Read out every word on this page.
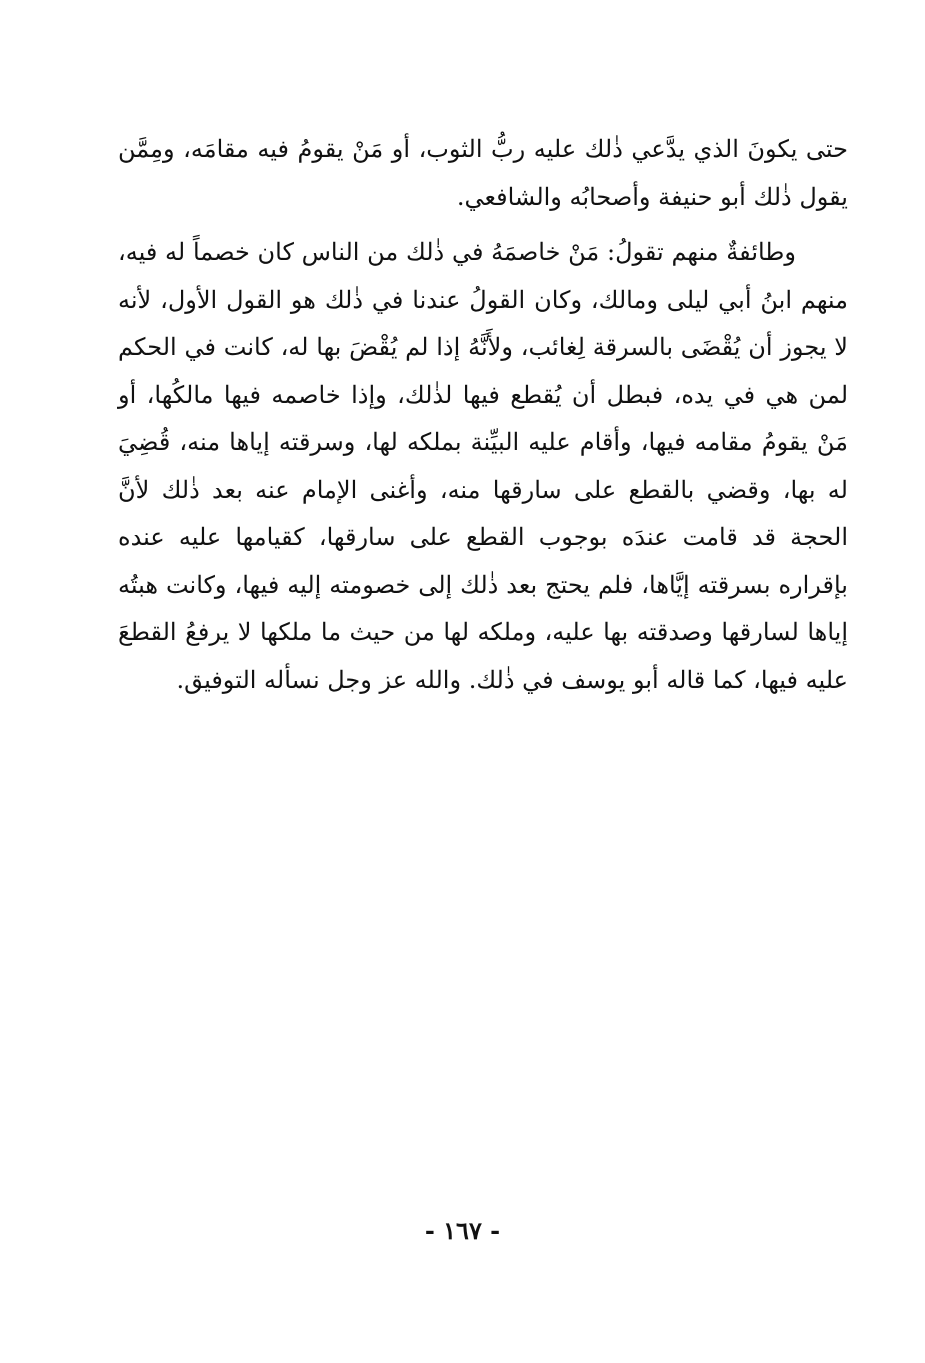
حتى يكونَ الذي يدَّعي ذٰلك عليه ربُّ الثوب، أو مَنْ يقومُ فيه مقامَه، ومِمَّن يقول ذٰلك أبو حنيفة وأصحابُه والشافعي.

وطائفةٌ منهم تقولُ: مَنْ خاصمَهُ في ذٰلك من الناس كان خصماً له فيه، منهم ابنُ أبي ليلى ومالك، وكان القولُ عندنا في ذٰلك هو القول الأول، لأنه لا يجوز أن يُقْضَى بالسرقة لِغائب، ولأَنَّهُ إذا لم يُقْضَ بها له، كانت في الحكم لمن هي في يده، فبطل أن يُقطع فيها لذٰلك، وإذا خاصمه فيها مالكُها، أو مَنْ يقومُ مقامه فيها، وأقام عليه البيِّنة بملكه لها، وسرقته إياها منه، قُضِيَ له بها، وقضي بالقطع على سارقها منه، وأغنى الإمام عنه بعد ذٰلك لأنَّ الحجة قد قامت عندَه بوجوب القطع على سارقها، كقيامها عليه عنده بإقراره بسرقته إيَّاها، فلم يحتج بعد ذٰلك إلى خصومته إليه فيها، وكانت هبتُه إياها لسارقها وصدقته بها عليه، وملكه لها من حيث ما ملكها لا يرفعُ القطعَ عليه فيها، كما قاله أبو يوسف في ذٰلك. والله عز وجل نسأله التوفيق.

- ١٦٧ -
